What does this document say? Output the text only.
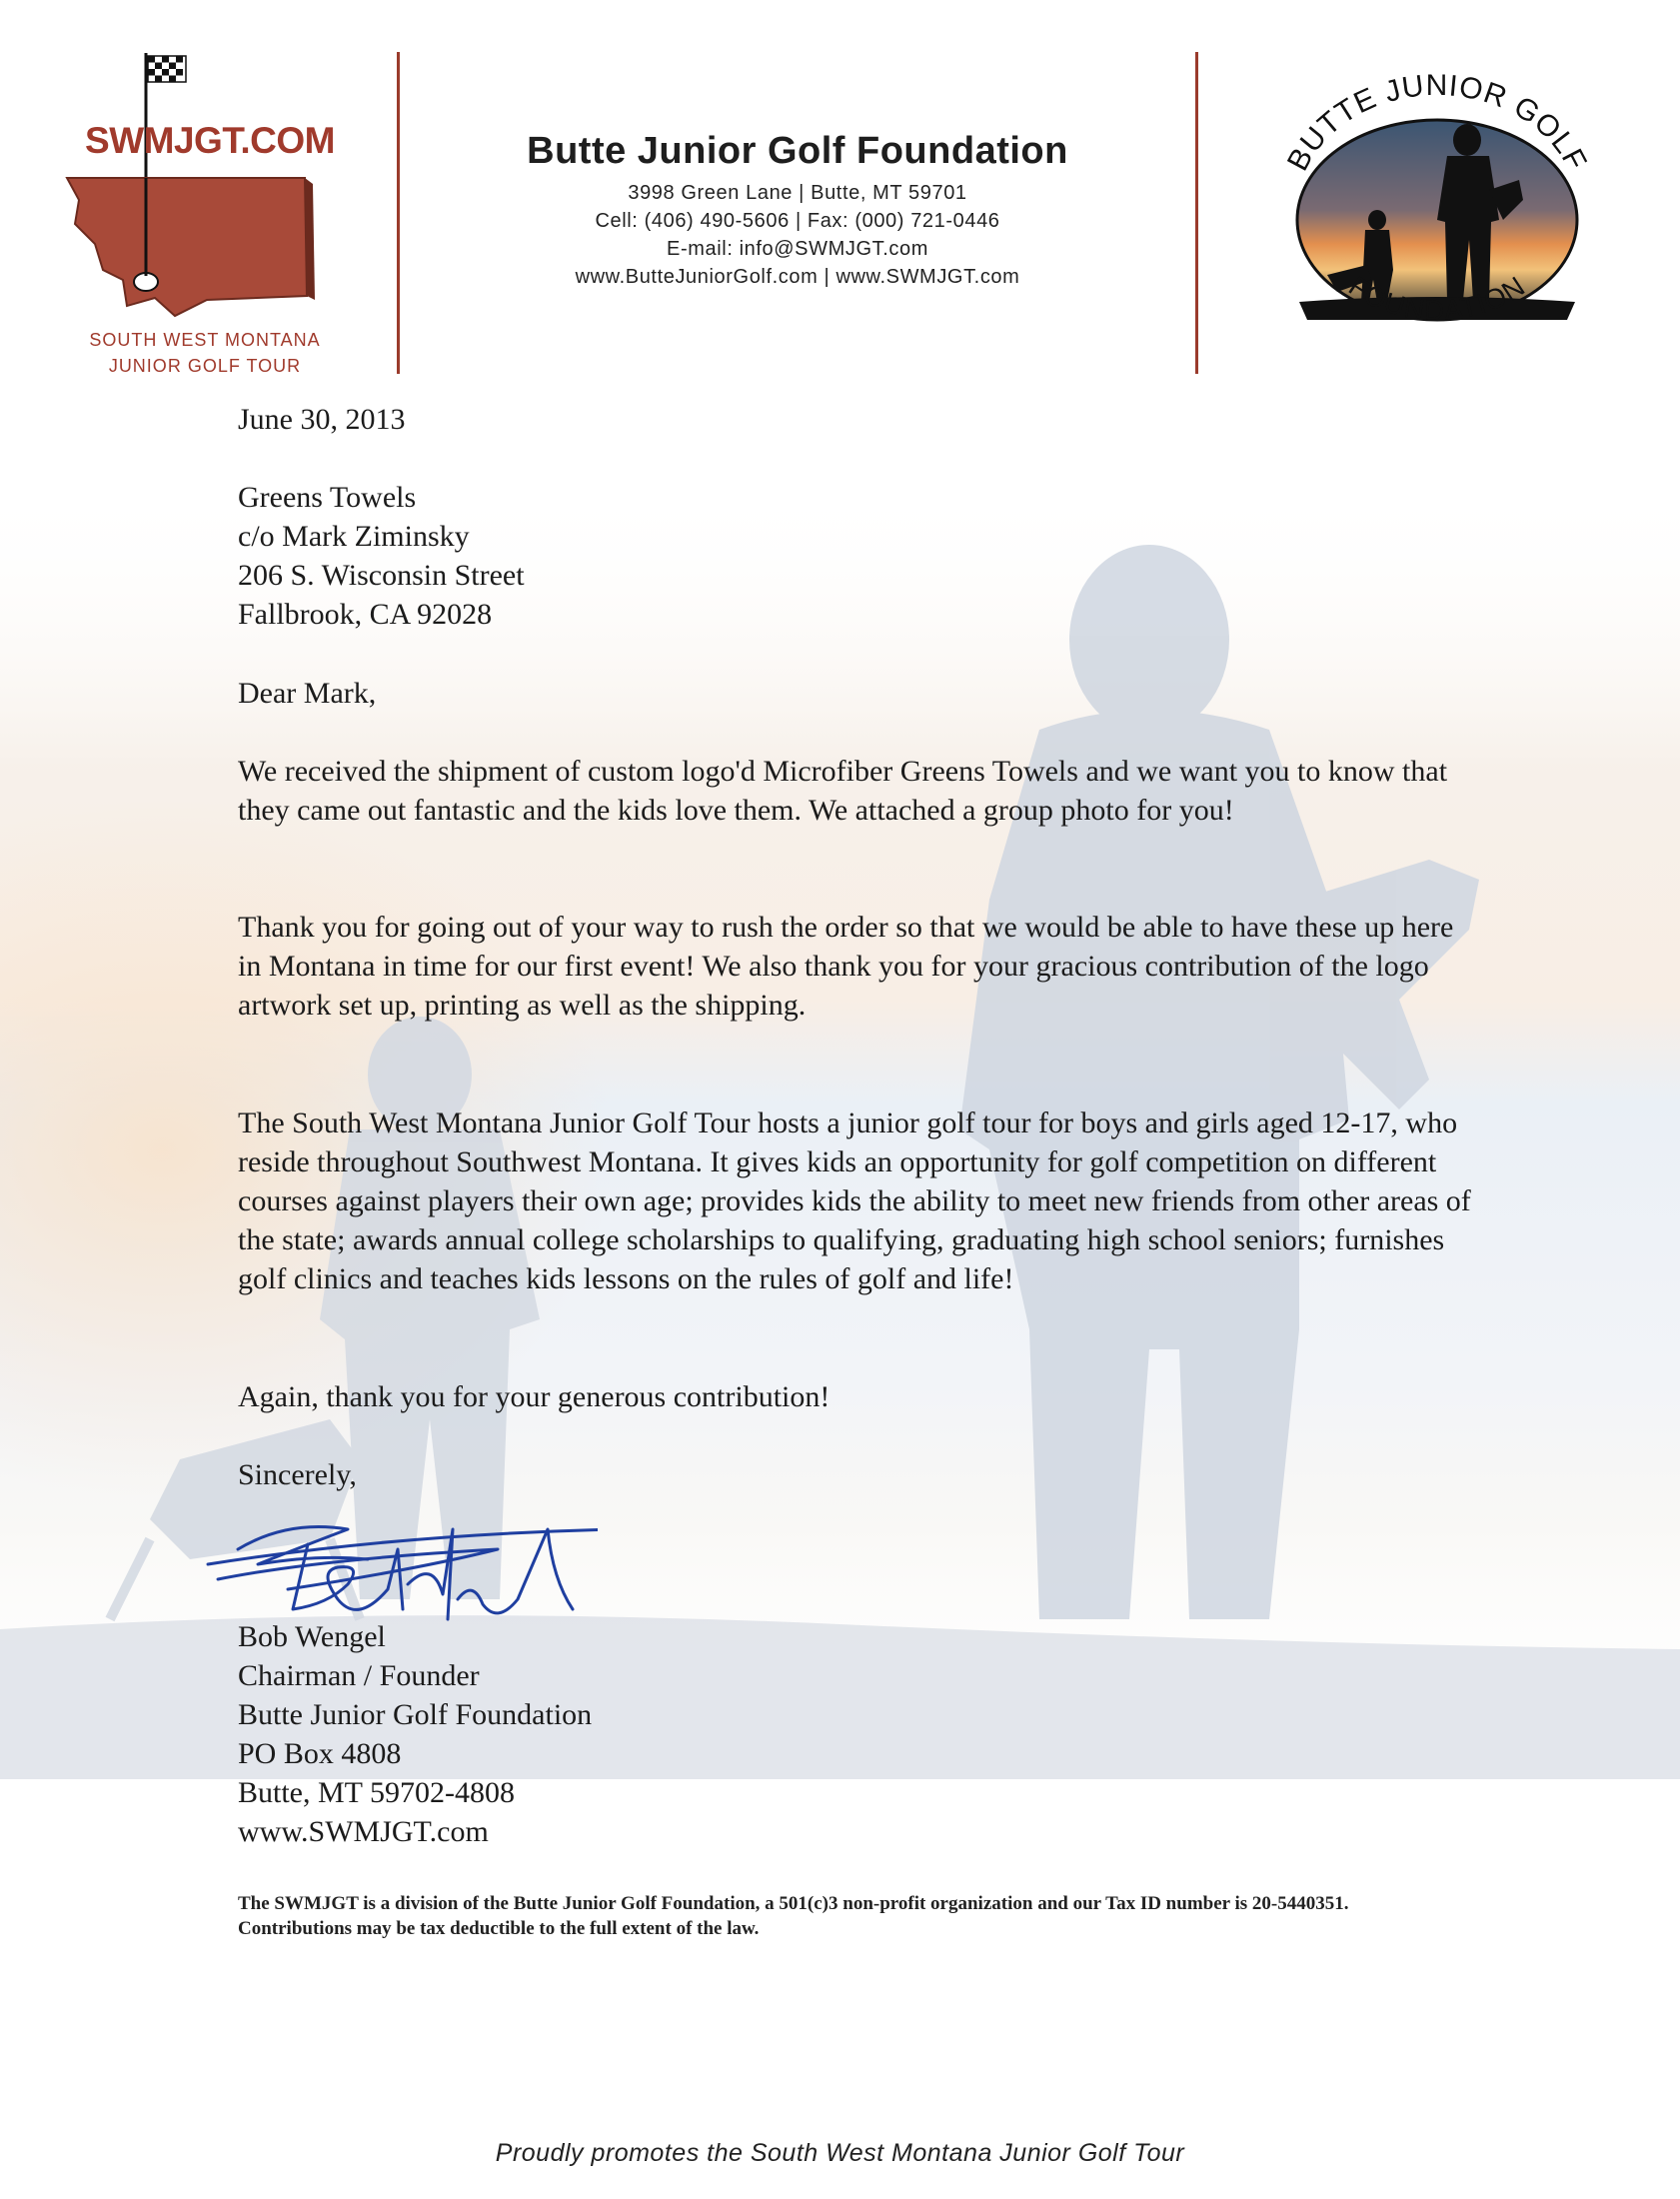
SWMJGT.COM
SOUTH WEST MONTANA
JUNIOR GOLF TOUR
Butte Junior Golf Foundation
3998 Green Lane | Butte, MT 59701
Cell: (406) 490-5606 | Fax: (000) 721-0446
E-mail: info@SWMJGT.com
www.ButteJuniorGolf.com | www.SWMJGT.com
BUTTE JUNIOR GOLF
FOUNDATION

June 30, 2013

Greens Towels

c/o Mark Ziminsky

206 S. Wisconsin Street

Fallbrook, CA 92028

Dear Mark,

We received the shipment of custom logo'd Microfiber Greens Towels and we want you to know that they came out fantastic and the kids love them. We attached a group photo for you!

Thank you for going out of your way to rush the order so that we would be able to have these up here in Montana in time for our first event! We also thank you for your gracious contribution of the logo artwork set up, printing as well as the shipping.

The South West Montana Junior Golf Tour hosts a junior golf tour for boys and girls aged 12-17, who reside throughout Southwest Montana. It gives kids an opportunity for golf competition on different courses against players their own age; provides kids the ability to meet new friends from other areas of the state; awards annual college scholarships to qualifying, graduating high school seniors; furnishes golf clinics and teaches kids lessons on the rules of golf and life!

Again, thank you for your generous contribution!

Sincerely,

Bob Wengel

Chairman / Founder

Butte Junior Golf Foundation

PO Box 4808

Butte, MT 59702-4808

www.SWMJGT.com

The SWMJGT is a division of the Butte Junior Golf Foundation, a 501(c)3 non-profit organization and our Tax ID number is 20-5440351. Contributions may be tax deductible to the full extent of the law.
Proudly promotes the South West Montana Junior Golf Tour
